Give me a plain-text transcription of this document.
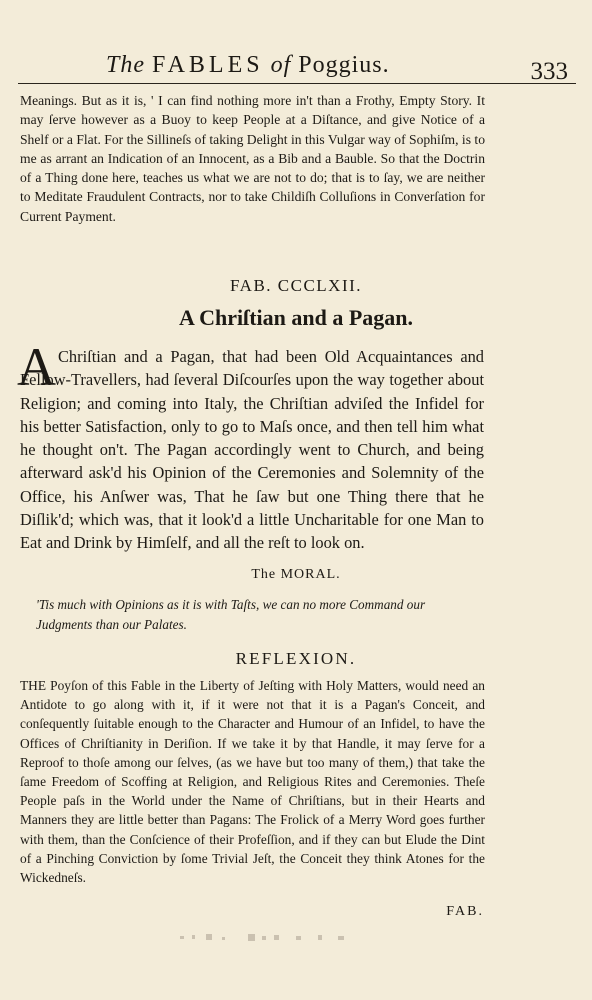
The FABLES of Poggius.	333
Meanings. But as it is, ' I can find nothing more in't than a Frothy, Empty Story. It may ſerve however as a Buoy to keep People at a Diſtance, and give Notice of a Shelf or a Flat. For the Sillineſs of taking Delight in this Vulgar way of Sophiſm, is to me as arrant an Indication of an Innocent, as a Bib and a Bauble. So that the Doctrin of a Thing done here, teaches us what we are not to do; that is to ſay, we are neither to Meditate Fraudulent Contracts, nor to take Childiſh Colluſions in Converſation for Current Payment.
FAB. CCCLXII.
A Chriſtian and a Pagan.
A Chriſtian and a Pagan, that had been Old Acquaintances and Fellow-Travellers, had ſeveral Diſcourſes upon the way together about Religion; and coming into Italy, the Chriſtian adviſed the Infidel for his better Satisfaction, only to go to Maſs once, and then tell him what he thought on't. The Pagan accordingly went to Church, and being afterward ask'd his Opinion of the Ceremonies and Solemnity of the Office, his Anſwer was, That he ſaw but one Thing there that he Diſlik'd; which was, that it look'd a little Uncharitable for one Man to Eat and Drink by Himſelf, and all the reſt to look on.
The MORAL.
'Tis much with Opinions as it is with Taſts, we can no more Command our Judgments than our Palates.
REFLEXION.
THE Poyſon of this Fable in the Liberty of Jeſting with Holy Matters, would need an Antidote to go along with it, if it were not that it is a Pagan's Conceit, and conſequently ſuitable enough to the Character and Humour of an Infidel, to have the Offices of Chriſtianity in Deriſion. If we take it by that Handle, it may ſerve for a Reproof to thoſe among our ſelves, (as we have but too many of them,) that take the ſame Freedom of Scoffing at Religion, and Religious Rites and Ceremonies. Theſe People paſs in the World under the Name of Chriſtians, but in their Hearts and Manners they are little better than Pagans: The Frolick of a Merry Word goes further with them, than the Conſcience of their Profeſſion, and if they can but Elude the Dint of a Pinching Conviction by ſome Trivial Jeſt, the Conceit they think Atones for the Wickedneſs.
FAB.
